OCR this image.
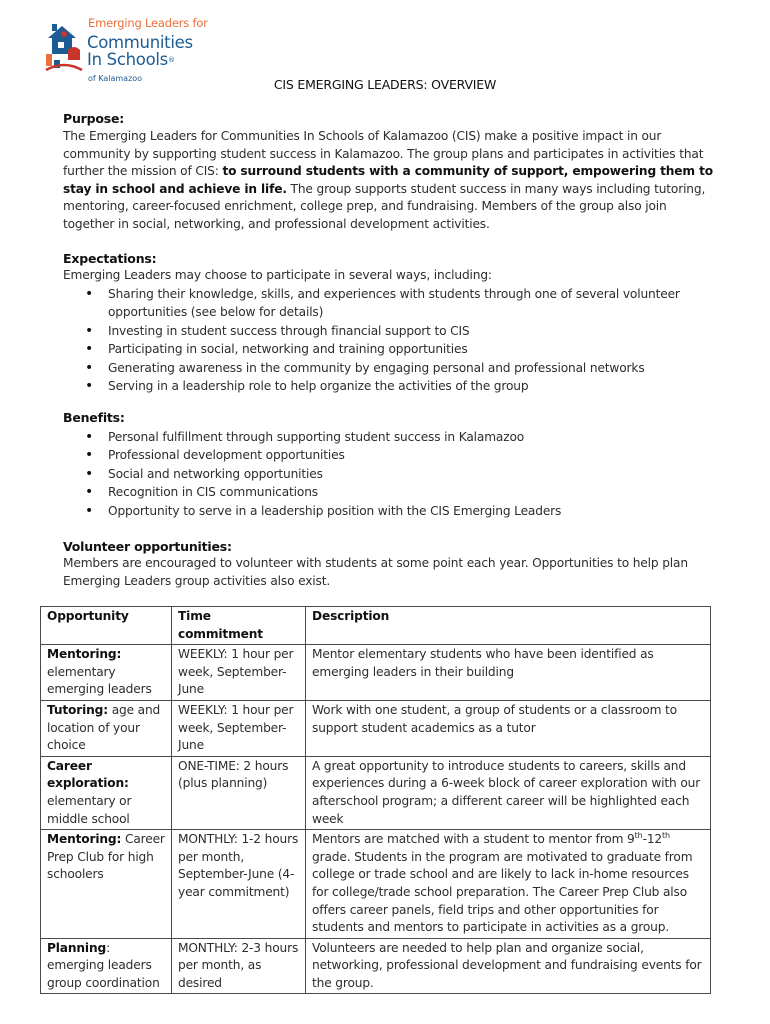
Emerging Leaders for
Communities
In Schools®
of Kalamazoo	CIS EMERGING LEADERS: OVERVIEW
Purpose:
The Emerging Leaders for Communities In Schools of Kalamazoo (CIS) make a positive impact in our community by supporting student success in Kalamazoo. The group plans and participates in activities that further the mission of CIS: to surround students with a community of support, empowering them to stay in school and achieve in life. The group supports student success in many ways including tutoring, mentoring, career-focused enrichment, college prep, and fundraising. Members of the group also join together in social, networking, and professional development activities.
Expectations:
Emerging Leaders may choose to participate in several ways, including:
• Sharing their knowledge, skills, and experiences with students through one of several volunteer opportunities (see below for details)
• Investing in student success through financial support to CIS
• Participating in social, networking and training opportunities
• Generating awareness in the community by engaging personal and professional networks
• Serving in a leadership role to help organize the activities of the group
Benefits:
• Personal fulfillment through supporting student success in Kalamazoo
• Professional development opportunities
• Social and networking opportunities
• Recognition in CIS communications
• Opportunity to serve in a leadership position with the CIS Emerging Leaders
Volunteer opportunities:
Members are encouraged to volunteer with students at some point each year. Opportunities to help plan Emerging Leaders group activities also exist.
Opportunity	Time commitment	Description
Mentoring: elementary emerging leaders	WEEKLY: 1 hour per week, September-June	Mentor elementary students who have been identified as emerging leaders in their building
Tutoring: age and location of your choice	WEEKLY: 1 hour per week, September-June	Work with one student, a group of students or a classroom to support student academics as a tutor
Career exploration: elementary or middle school	ONE-TIME: 2 hours (plus planning)	A great opportunity to introduce students to careers, skills and experiences during a 6-week block of career exploration with our afterschool program; a different career will be highlighted each week
Mentoring: Career Prep Club for high schoolers	MONTHLY: 1-2 hours per month, September-June (4-year commitment)	Mentors are matched with a student to mentor from 9th-12th grade. Students in the program are motivated to graduate from college or trade school and are likely to lack in-home resources for college/trade school preparation. The Career Prep Club also offers career panels, field trips and other opportunities for students and mentors to participate in activities as a group.
Planning: emerging leaders group coordination	MONTHLY: 2-3 hours per month, as desired	Volunteers are needed to help plan and organize social, networking, professional development and fundraising events for the group.
